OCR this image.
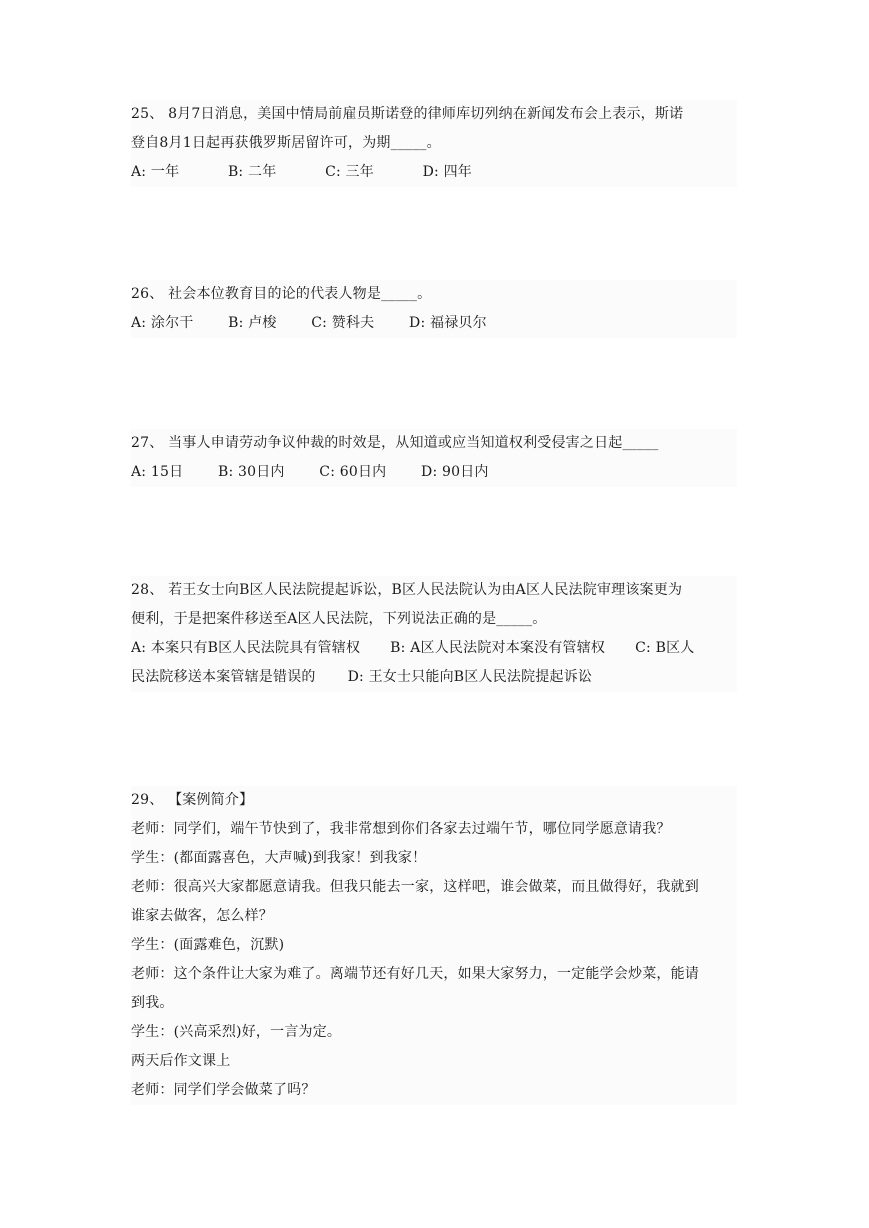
25、 8月7日消息，美国中情局前雇员斯诺登的律师库切列纳在新闻发布会上表示，斯诺
登自8月1日起再获俄罗斯居留许可，为期_____。
A: 一年	B: 二年	C: 三年	D: 四年
26、 社会本位教育目的论的代表人物是_____。
A: 涂尔干 B: 卢梭 C: 赞科夫 D: 福禄贝尔
27、 当事人申请劳动争议仲裁的时效是，从知道或应当知道权利受侵害之日起_____
A: 15日 B: 30日内 C: 60日内 D: 90日内
28、 若王女士向B区人民法院提起诉讼，B区人民法院认为由A区人民法院审理该案更为
便利，于是把案件移送至A区人民法院，下列说法正确的是_____。
A: 本案只有B区人民法院具有管辖权 B: A区人民法院对本案没有管辖权 C: B区人
民法院移送本案管辖是错误的 D: 王女士只能向B区人民法院提起诉讼
29、 【案例简介】
老师：同学们，端午节快到了，我非常想到你们各家去过端午节，哪位同学愿意请我？
学生：(都面露喜色，大声喊)到我家！到我家！
老师：很高兴大家都愿意请我。但我只能去一家，这样吧，谁会做菜，而且做得好，我就到
谁家去做客，怎么样？
学生：(面露难色，沉默)
老师：这个条件让大家为难了。离端节还有好几天，如果大家努力，一定能学会炒菜，能请
到我。
学生：(兴高采烈)好，一言为定。
两天后作文课上
老师：同学们学会做菜了吗？
